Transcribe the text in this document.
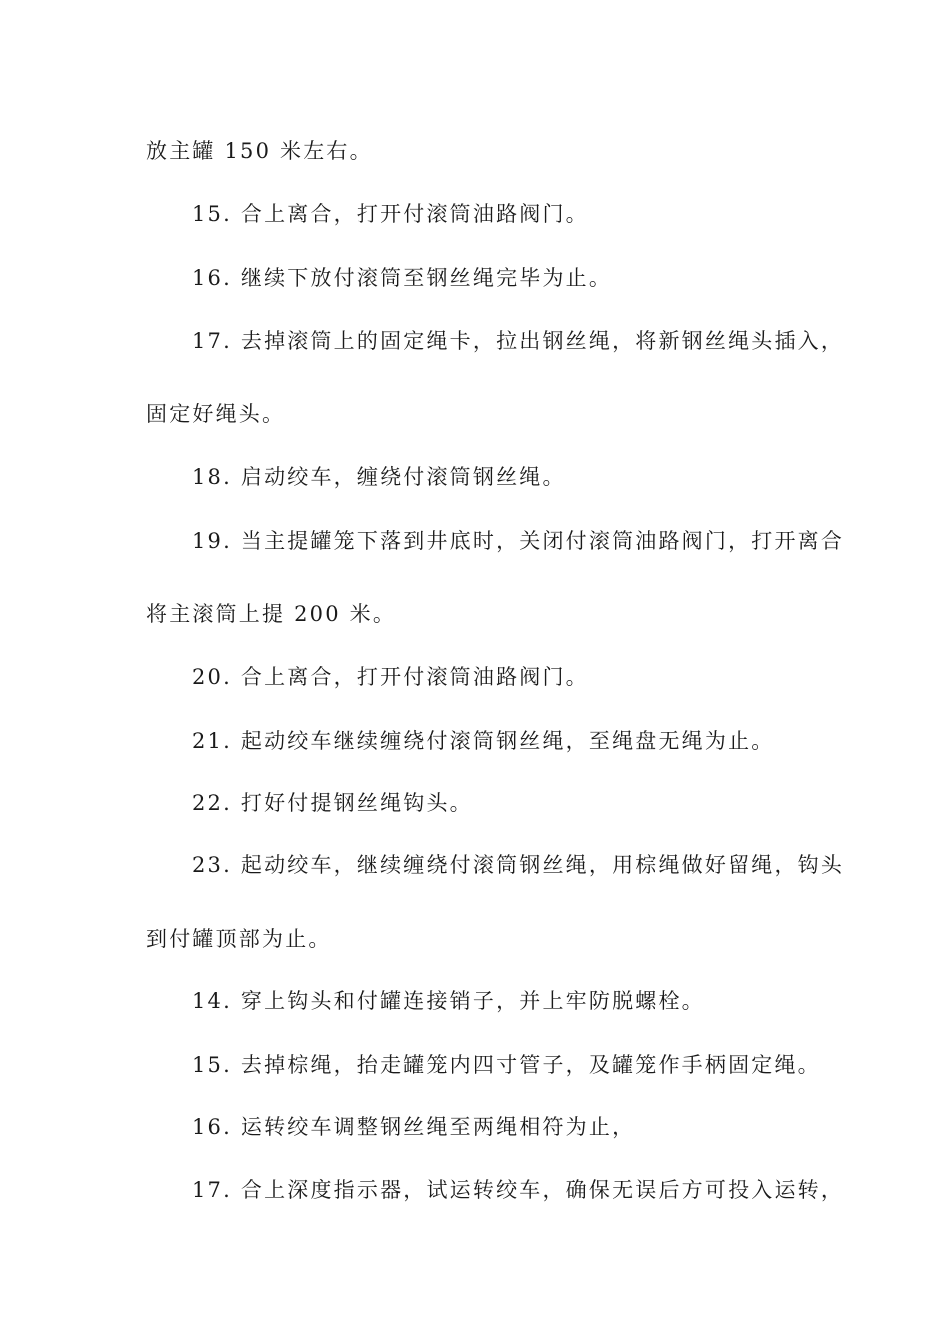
放主罐 150 米左右。
15. 合上离合，打开付滚筒油路阀门。
16. 继续下放付滚筒至钢丝绳完毕为止。
17. 去掉滚筒上的固定绳卡，拉出钢丝绳，将新钢丝绳头插入，
固定好绳头。
18. 启动绞车，缠绕付滚筒钢丝绳。
19. 当主提罐笼下落到井底时，关闭付滚筒油路阀门，打开离合
将主滚筒上提 200 米。
20. 合上离合，打开付滚筒油路阀门。
21. 起动绞车继续缠绕付滚筒钢丝绳，至绳盘无绳为止。
22. 打好付提钢丝绳钩头。
23. 起动绞车，继续缠绕付滚筒钢丝绳，用棕绳做好留绳，钩头
到付罐顶部为止。
14. 穿上钩头和付罐连接销子，并上牢防脱螺栓。
15. 去掉棕绳，抬走罐笼内四寸管子，及罐笼作手柄固定绳。
16. 运转绞车调整钢丝绳至两绳相符为止，
17. 合上深度指示器，试运转绞车，确保无误后方可投入运转，
